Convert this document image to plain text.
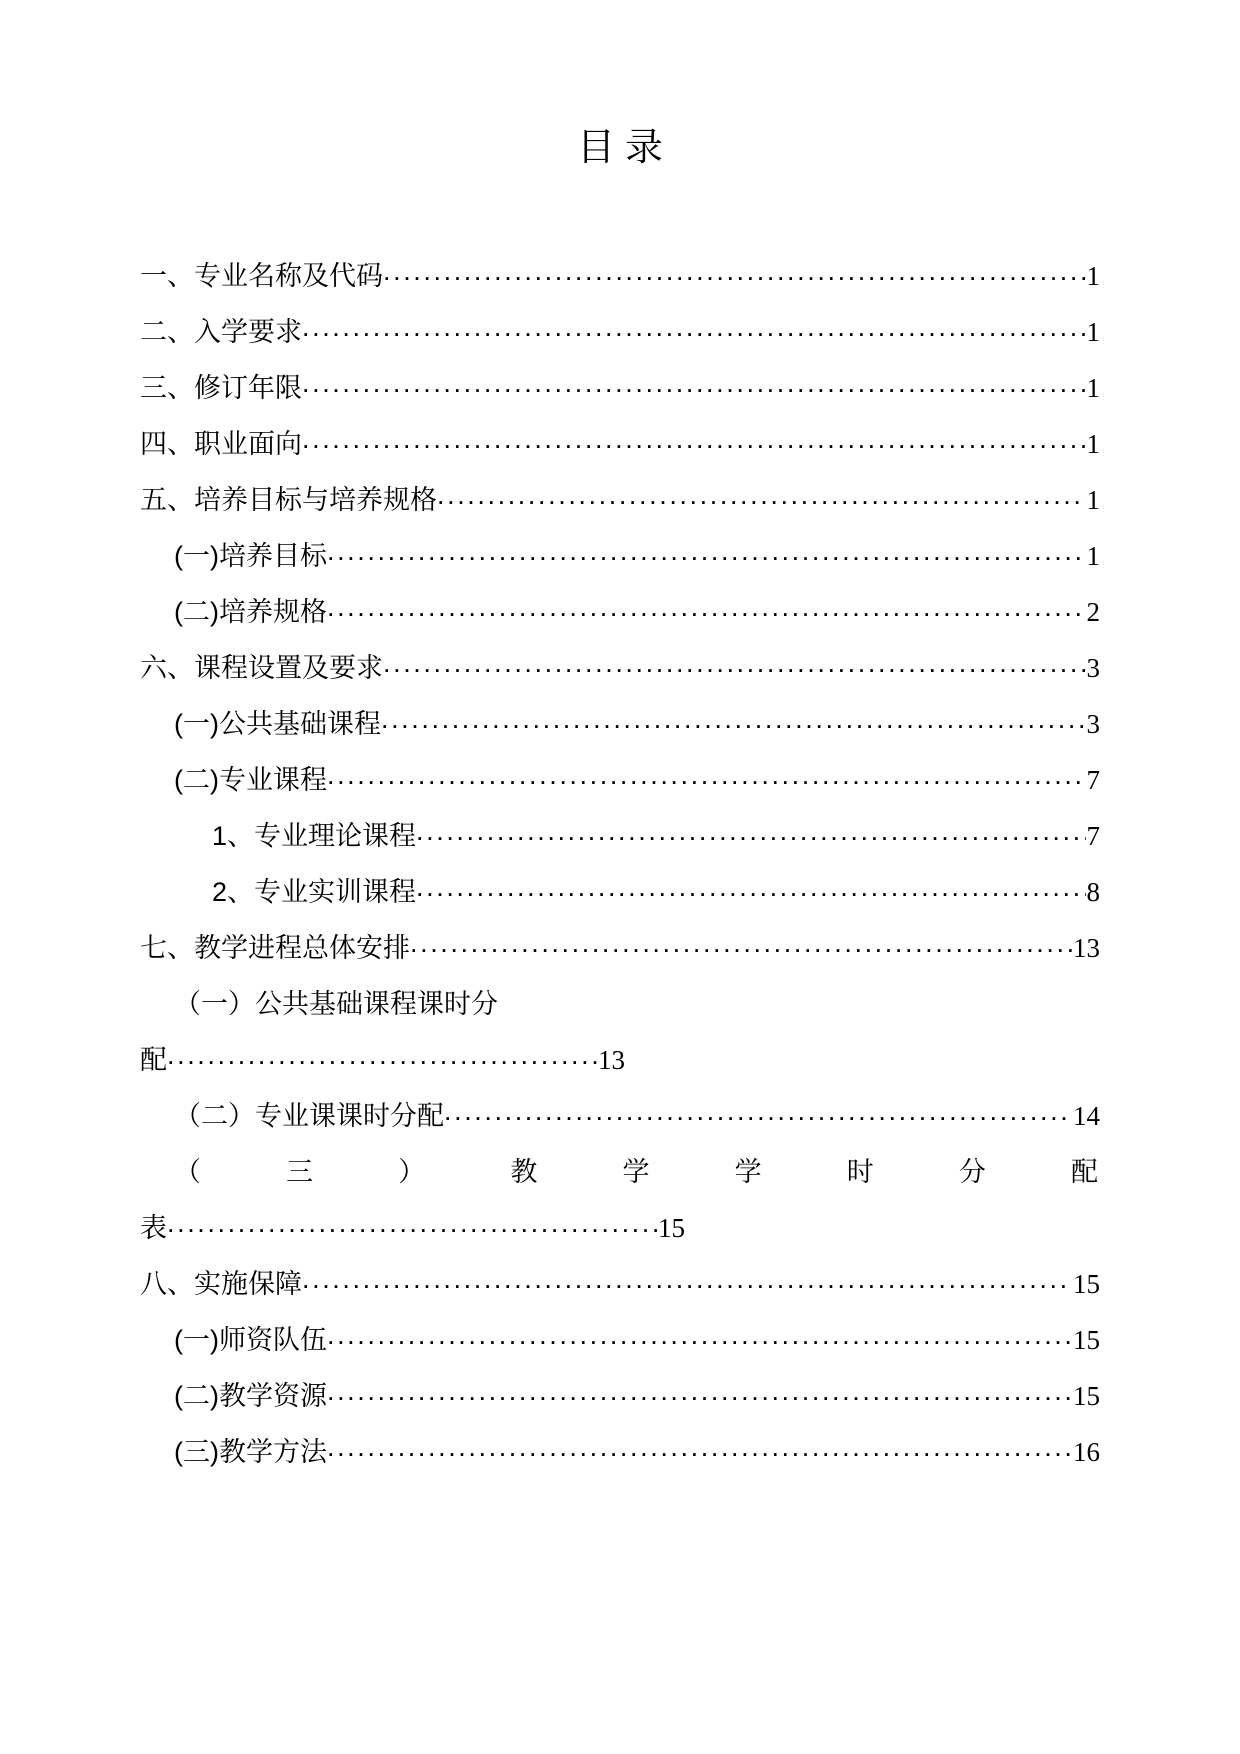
目录
一、专业名称及代码 .....	1
二、入学要求 .....	1
三、修订年限 .....	1
四、职业面向 .....	1
五、培养目标与培养规格 .....	1
(一)培养目标 .....	1
(二)培养规格 .....	2
六、课程设置及要求 .....	3
(一)公共基础课程 .....	3
(二)专业课程 .....	7
1、专业理论课程 .....	7
2、专业实训课程 .....	8
七、教学进程总体安排 .....	13
（一）公共基础课程课时分
配 .....	13
（二）专业课课时分配 .....	14
（三）教学学时分配
表 .....	15
八、实施保障 .....	15
(一)师资队伍 .....	15
(二)教学资源 .....	15
(三)教学方法 .....	16
